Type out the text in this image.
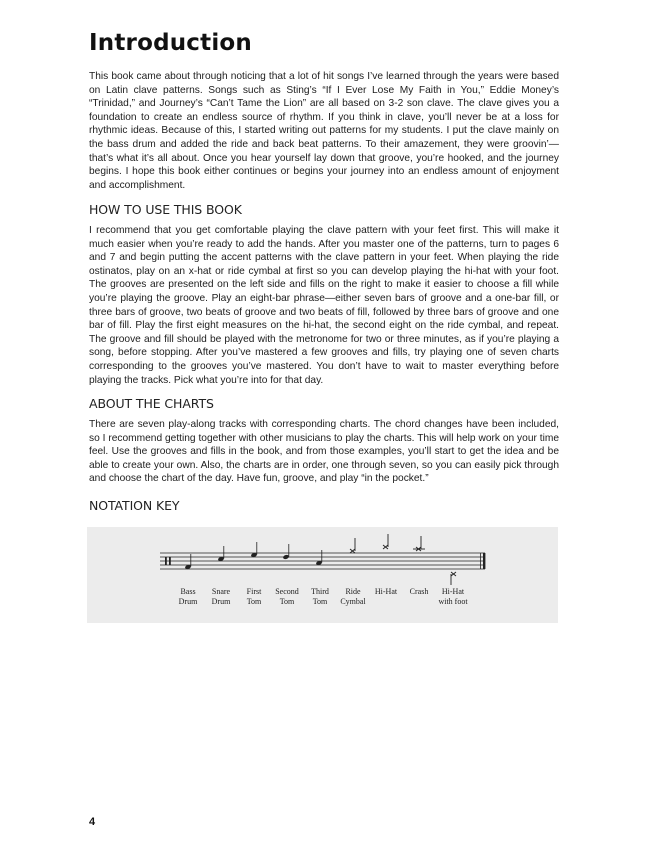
Introduction

This book came about through noticing that a lot of hit songs I’ve learned through the years were based on Latin clave patterns. Songs such as Sting’s “If I Ever Lose My Faith in You,” Eddie Money’s “Trinidad,” and Journey’s “Can’t Tame the Lion” are all based on 3-2 son clave. The clave gives you a foundation to create an endless source of rhythm. If you think in clave, you’ll never be at a loss for rhythmic ideas. Because of this, I started writing out patterns for my students. I put the clave mainly on the bass drum and added the ride and back beat patterns. To their amazement, they were groovin’—that’s what it’s all about. Once you hear yourself lay down that groove, you’re hooked, and the journey begins. I hope this book either continues or begins your journey into an endless amount of enjoyment and accomplishment.

HOW TO USE THIS BOOK

I recommend that you get comfortable playing the clave pattern with your feet first. This will make it much easier when you’re ready to add the hands. After you master one of the patterns, turn to pages 6 and 7 and begin putting the accent patterns with the clave pattern in your feet. When playing the ride ostinatos, play on an x-hat or ride cymbal at first so you can develop playing the hi-hat with your foot. The grooves are presented on the left side and fills on the right to make it easier to choose a fill while you’re playing the groove. Play an eight-bar phrase—either seven bars of groove and a one-bar fill, or three bars of groove, two beats of groove and two beats of fill, followed by three bars of groove and one bar of fill. Play the first eight measures on the hi-hat, the second eight on the ride cymbal, and repeat. The groove and fill should be played with the metronome for two or three minutes, as if you’re playing a song, before stopping. After you’ve mastered a few grooves and fills, try playing one of seven charts corresponding to the grooves you’ve mastered. You don’t have to wait to master everything before playing the tracks. Pick what you’re into for that day.

ABOUT THE CHARTS

There are seven play-along tracks with corresponding charts. The chord changes have been included, so I recommend getting together with other musicians to play the charts. This will help work on your time feel. Use the grooves and fills in the book, and from those examples, you’ll start to get the idea and be able to create your own. Also, the charts are in order, one through seven, so you can easily pick through and choose the chart of the day. Have fun, groove, and play “in the pocket.”

NOTATION KEY
Bass
Drum
Snare
Drum
First
Tom
Second
Tom
Third
Tom
Ride
Cymbal
Hi-Hat Crash Hi-Hat
with foot
4
